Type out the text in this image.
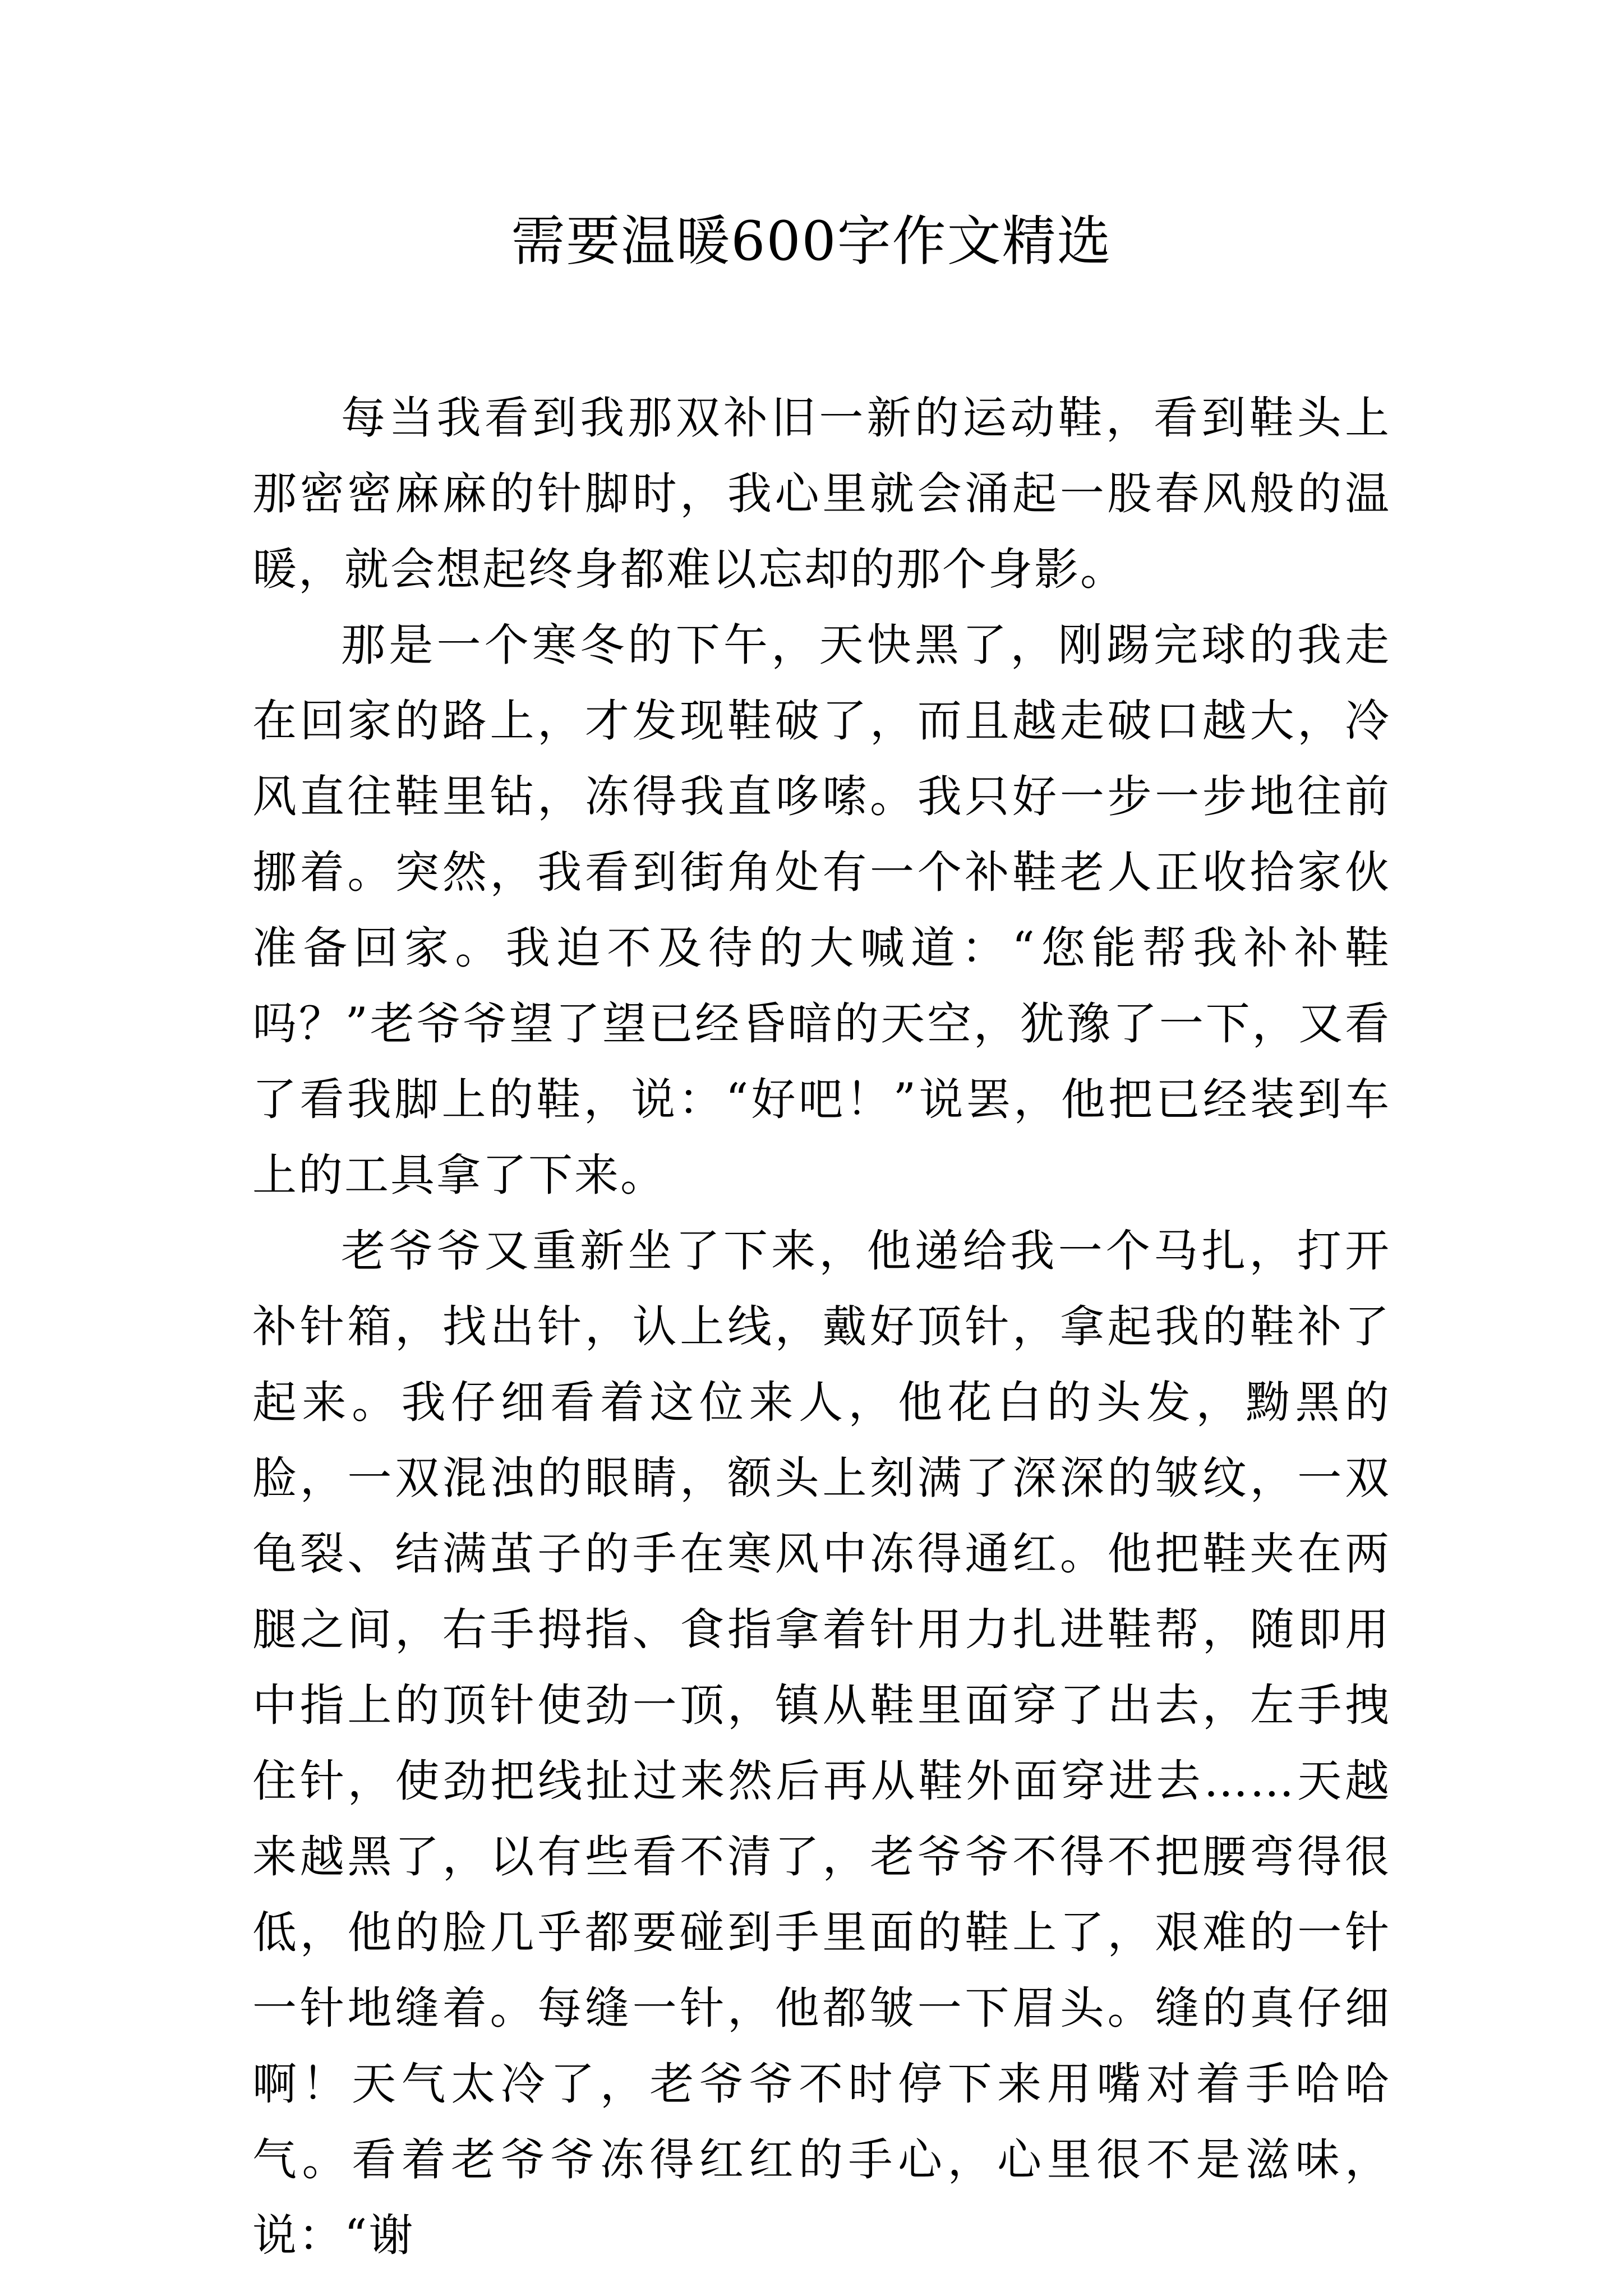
需要温暖600字作文精选

每当我看到我那双补旧一新的运动鞋，看到鞋头上那密密麻麻的针脚时，我心里就会涌起一股春风般的温暖，就会想起终身都难以忘却的那个身影。

那是一个寒冬的下午，天快黑了，刚踢完球的我走在回家的路上，才发现鞋破了，而且越走破口越大，冷风直往鞋里钻，冻得我直哆嗦。我只好一步一步地往前挪着。突然，我看到街角处有一个补鞋老人正收拾家伙准备回家。我迫不及待的大喊道：“您能帮我补补鞋吗？”老爷爷望了望已经昏暗的天空，犹豫了一下，又看了看我脚上的鞋，说：“好吧！”说罢，他把已经装到车上的工具拿了下来。

老爷爷又重新坐了下来，他递给我一个马扎，打开补针箱，找出针，认上线，戴好顶针，拿起我的鞋补了起来。我仔细看着这位来人，他花白的头发，黝黑的脸，一双混浊的眼睛，额头上刻满了深深的皱纹，一双龟裂、结满茧子的手在寒风中冻得通红。他把鞋夹在两腿之间，右手拇指、食指拿着针用力扎进鞋帮，随即用中指上的顶针使劲一顶，镇从鞋里面穿了出去，左手拽住针，使劲把线扯过来然后再从鞋外面穿进去……天越来越黑了，以有些看不清了，老爷爷不得不把腰弯得很低，他的脸几乎都要碰到手里面的鞋上了，艰难的一针一针地缝着。每缝一针，他都皱一下眉头。缝的真仔细啊！天气太冷了，老爷爷不时停下来用嘴对着手哈哈气。看着老爷爷冻得红红的手心，心里很不是滋味，说：“谢
